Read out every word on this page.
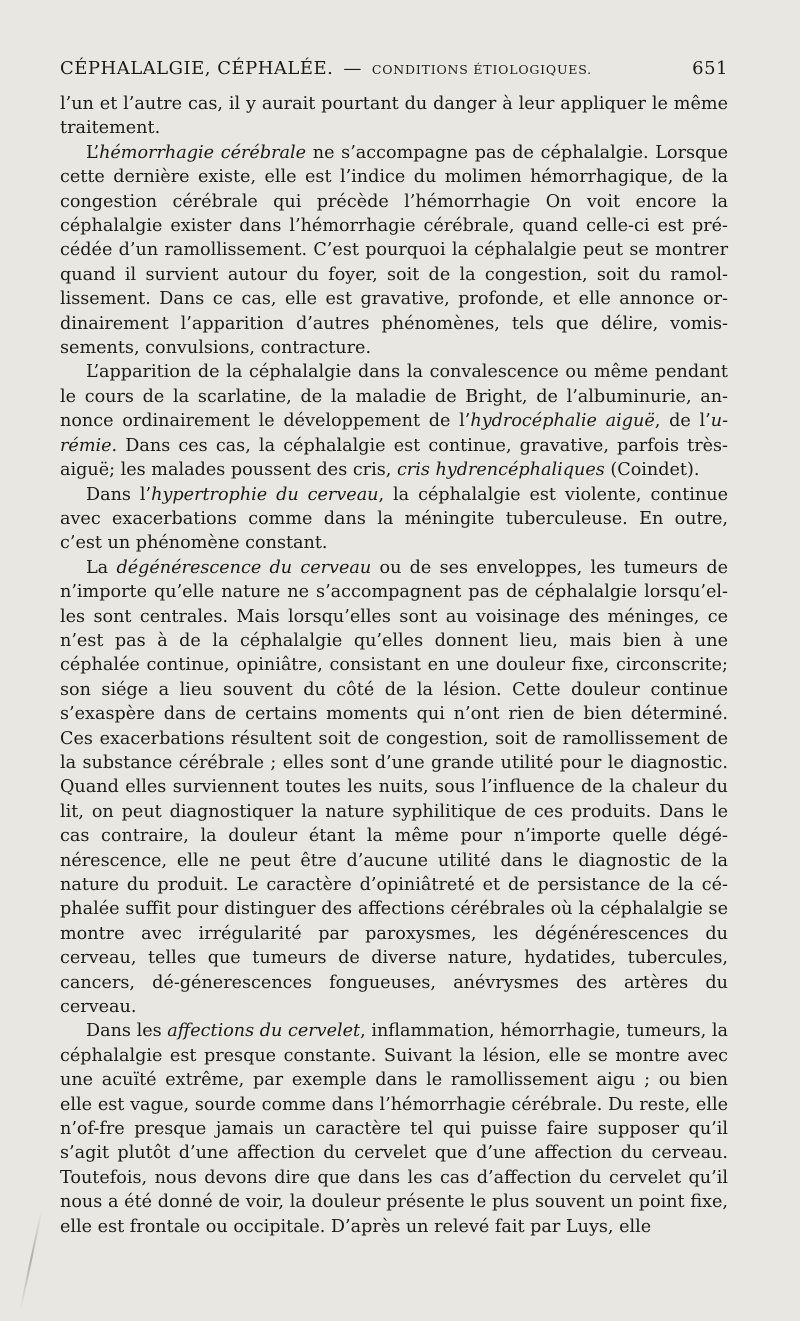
CÉPHALALGIE, CÉPHALÉE. — CONDITIONS ÉTIOLOGIQUES.	651

l’un et l’autre cas, il y aurait pourtant du danger à leur appliquer le même traitement.

L’hémorrhagie cérébrale ne s’accompagne pas de céphalalgie. Lorsque cette dernière existe, elle est l’indice du molimen hémorrhagique, de la congestion cérébrale qui précède l’hémorrhagie On voit encore la céphalalgie exister dans l’hémorrhagie cérébrale, quand celle-ci est pré-cédée d’un ramollissement. C’est pourquoi la céphalalgie peut se montrer quand il survient autour du foyer, soit de la congestion, soit du ramol-lissement. Dans ce cas, elle est gravative, profonde, et elle annonce or-dinairement l’apparition d’autres phénomènes, tels que délire, vomis-sements, convulsions, contracture.

L’apparition de la céphalalgie dans la convalescence ou même pendant le cours de la scarlatine, de la maladie de Bright, de l’albuminurie, an-nonce ordinairement le développement de l’hydrocéphalie aiguë, de l’u-rémie. Dans ces cas, la céphalalgie est continue, gravative, parfois très-aiguë; les malades poussent des cris, cris hydrencéphaliques (Coindet).

Dans l’hypertrophie du cerveau, la céphalalgie est violente, continue avec exacerbations comme dans la méningite tuberculeuse. En outre, c’est un phénomène constant.

La dégénérescence du cerveau ou de ses enveloppes, les tumeurs de n’importe qu’elle nature ne s’accompagnent pas de céphalalgie lorsqu’el-les sont centrales. Mais lorsqu’elles sont au voisinage des méninges, ce n’est pas à de la céphalalgie qu’elles donnent lieu, mais bien à une céphalée continue, opiniâtre, consistant en une douleur fixe, circonscrite; son siége a lieu souvent du côté de la lésion. Cette douleur continue s’exaspère dans de certains moments qui n’ont rien de bien déterminé. Ces exacerbations résultent soit de congestion, soit de ramollissement de la substance cérébrale ; elles sont d’une grande utilité pour le diagnostic. Quand elles surviennent toutes les nuits, sous l’influence de la chaleur du lit, on peut diagnostiquer la nature syphilitique de ces produits. Dans le cas contraire, la douleur étant la même pour n’importe quelle dégé-nérescence, elle ne peut être d’aucune utilité dans le diagnostic de la nature du produit. Le caractère d’opiniâtreté et de persistance de la cé-phalée suffit pour distinguer des affections cérébrales où la céphalalgie se montre avec irrégularité par paroxysmes, les dégénérescences du cerveau, telles que tumeurs de diverse nature, hydatides, tubercules, cancers, dé-génerescences fongueuses, anévrysmes des artères du cerveau.

Dans les affections du cervelet, inflammation, hémorrhagie, tumeurs, la céphalalgie est presque constante. Suivant la lésion, elle se montre avec une acuïté extrême, par exemple dans le ramollissement aigu ; ou bien elle est vague, sourde comme dans l’hémorrhagie cérébrale. Du reste, elle n’of-fre presque jamais un caractère tel qui puisse faire supposer qu’il s’agit plutôt d’une affection du cervelet que d’une affection du cerveau. Toutefois, nous devons dire que dans les cas d’affection du cervelet qu’il nous a été donné de voir, la douleur présente le plus souvent un point fixe, elle est frontale ou occipitale. D’après un relevé fait par Luys, elle
